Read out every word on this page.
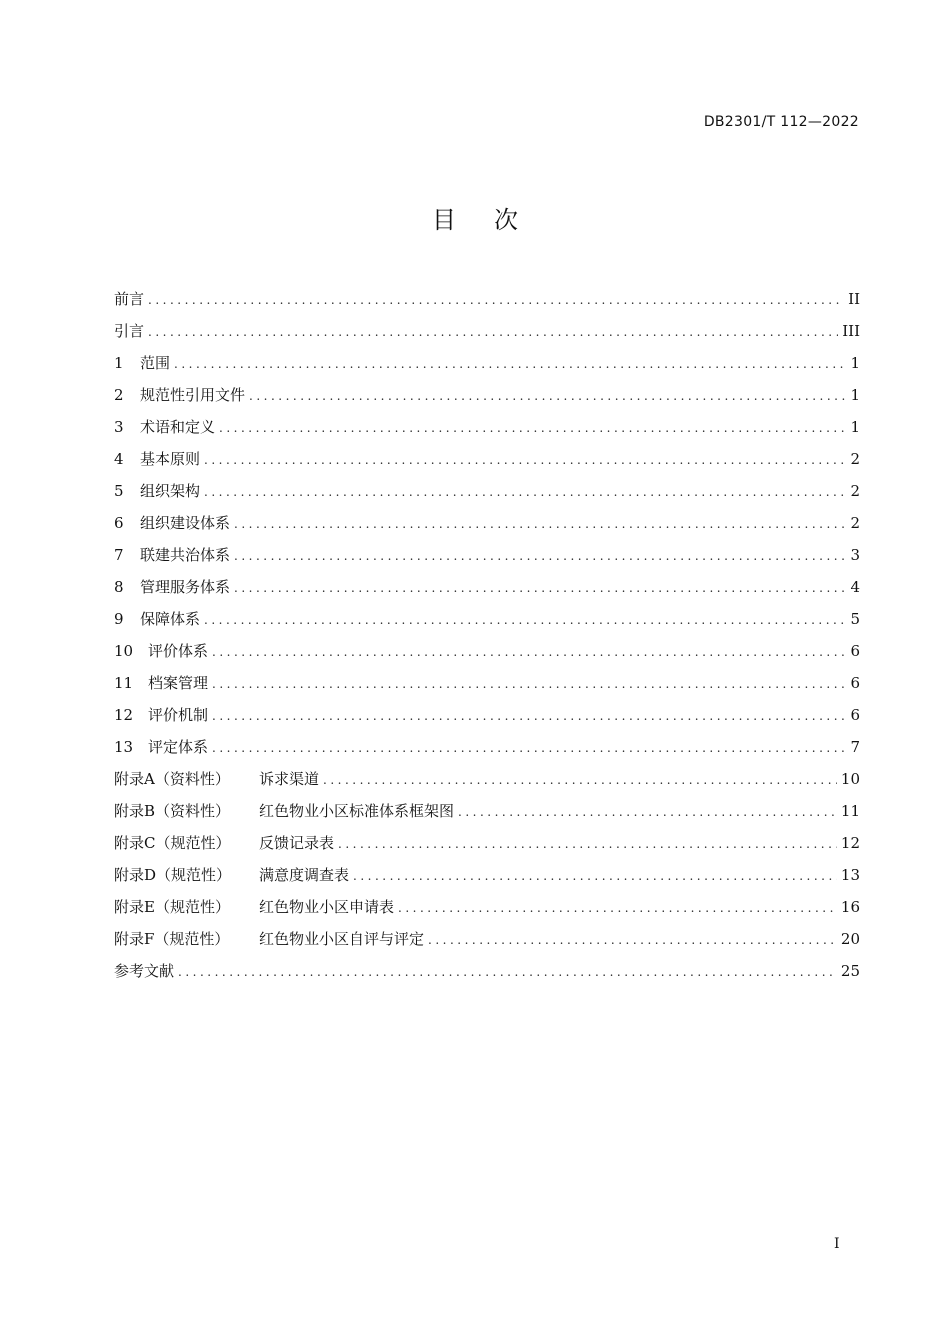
DB2301/T 112—2022
目次
前言 .....	II
引言 .....	III
1	范围 .....	1
2	规范性引用文件 .....	1
3	术语和定义 .....	1
4	基本原则 .....	2
5	组织架构 .....	2
6	组织建设体系 .....	2
7	联建共治体系 .....	3
8	管理服务体系 .....	4
9	保障体系 .....	5
10 评价体系 .....	6
11 档案管理 .....	6
12 评价机制 .....	6
13 评定体系 .....	7
附录A（资料性）	诉求渠道 .....	10
附录B（资料性）	红色物业小区标准体系框架图 .....	11
附录C（规范性）	反馈记录表 .....	12
附录D（规范性）	满意度调查表 .....	13
附录E（规范性）	红色物业小区申请表 .....	16
附录F（规范性）	红色物业小区自评与评定 .....	20
参考文献 .....	25
I
